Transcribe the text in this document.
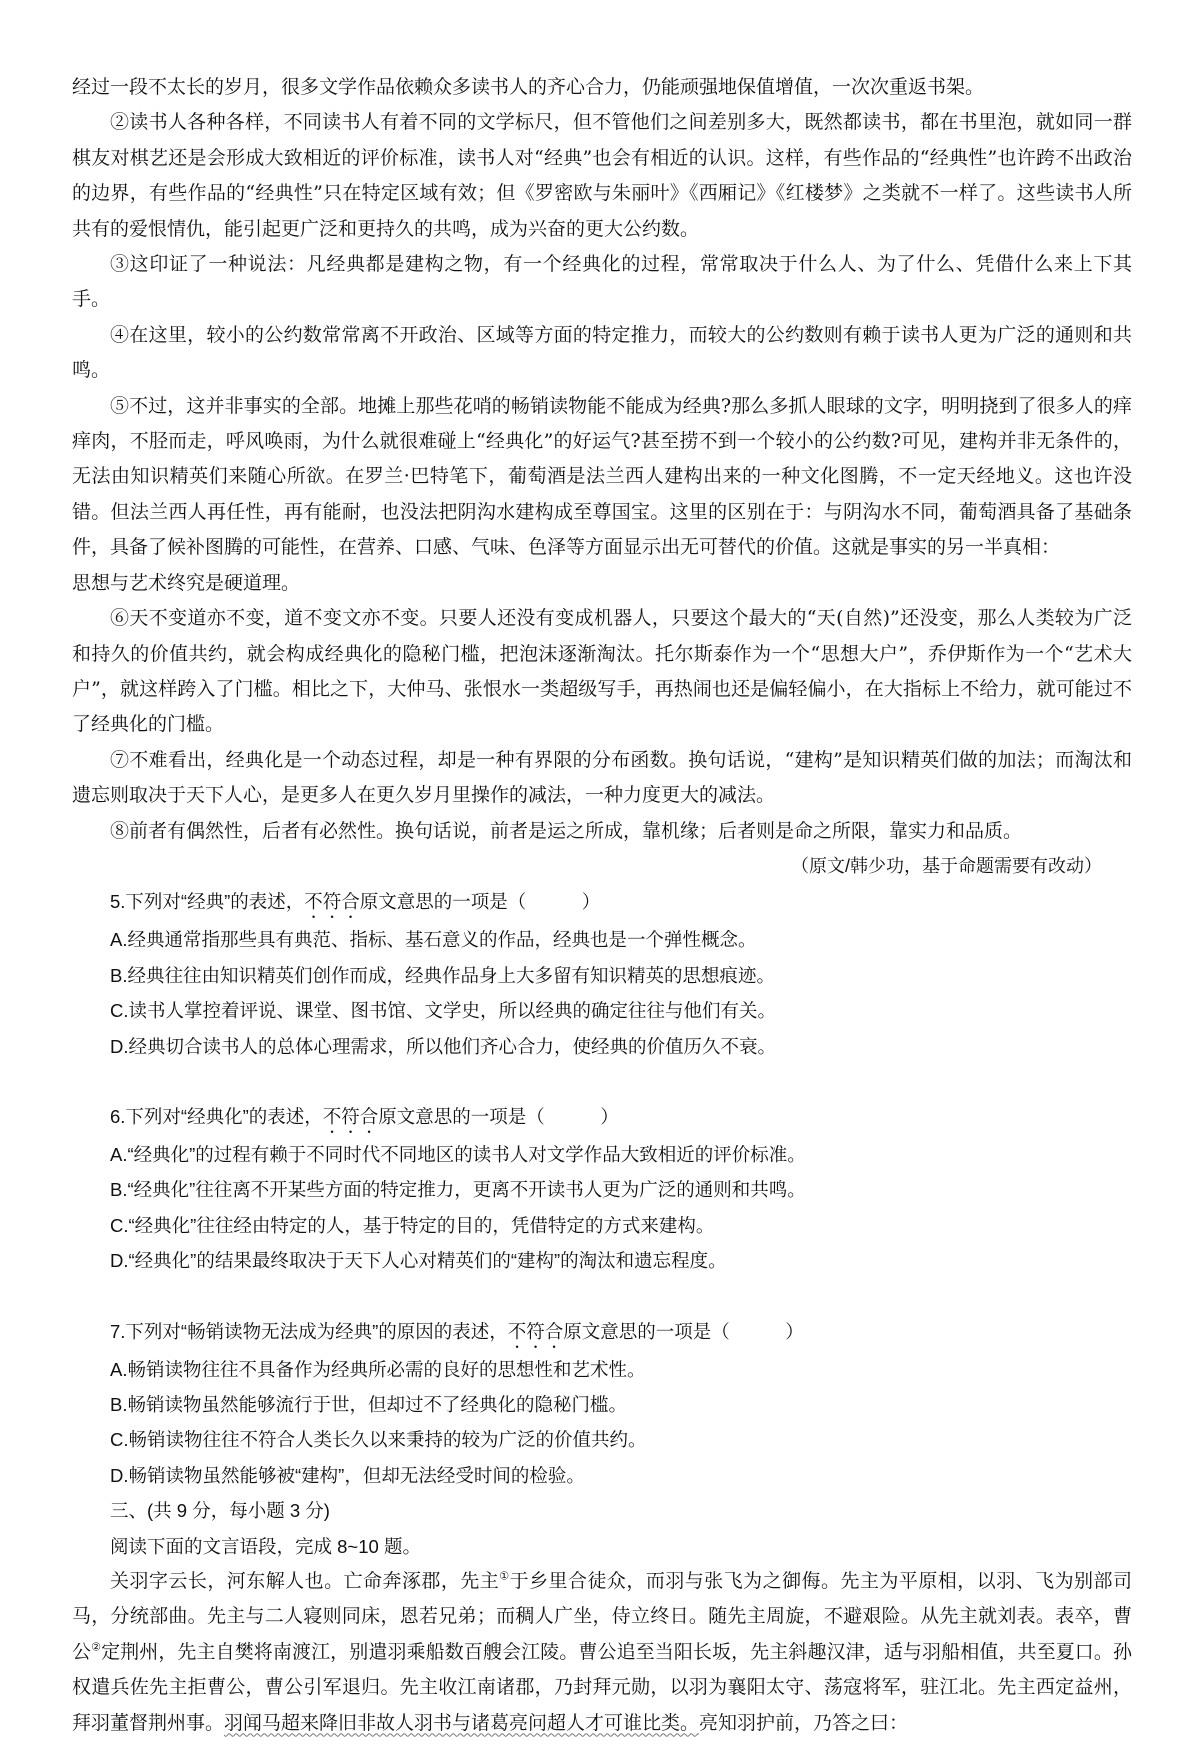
经过一段不太长的岁月，很多文学作品依赖众多读书人的齐心合力，仍能顽强地保值增值，一次次重返书架。

②读书人各种各样，不同读书人有着不同的文学标尺，但不管他们之间差别多大，既然都读书，都在书里泡，就如同一群棋友对棋艺还是会形成大致相近的评价标准，读书人对“经典”也会有相近的认识。这样，有些作品的“经典性”也许跨不出政治的边界，有些作品的“经典性”只在特定区域有效；但《罗密欧与朱丽叶》《西厢记》《红楼梦》之类就不一样了。这些读书人所共有的爱恨情仇，能引起更广泛和更持久的共鸣，成为兴奋的更大公约数。

③这印证了一种说法：凡经典都是建构之物，有一个经典化的过程，常常取决于什么人、为了什么、凭借什么来上下其手。

④在这里，较小的公约数常常离不开政治、区域等方面的特定推力，而较大的公约数则有赖于读书人更为广泛的通则和共鸣。

⑤不过，这并非事实的全部。地摊上那些花哨的畅销读物能不能成为经典?那么多抓人眼球的文字，明明挠到了很多人的痒痒肉，不胫而走，呼风唤雨，为什么就很难碰上“经典化”的好运气?甚至捞不到一个较小的公约数?可见，建构并非无条件的，无法由知识精英们来随心所欲。在罗兰·巴特笔下，葡萄酒是法兰西人建构出来的一种文化图腾，不一定天经地义。这也许没错。但法兰西人再任性，再有能耐，也没法把阴沟水建构成至尊国宝。这里的区别在于：与阴沟水不同，葡萄酒具备了基础条件，具备了候补图腾的可能性，在营养、口感、气味、色泽等方面显示出无可替代的价值。这就是事实的另一半真相：

思想与艺术终究是硬道理。

⑥天不变道亦不变，道不变文亦不变。只要人还没有变成机器人，只要这个最大的“天(自然)”还没变，那么人类较为广泛和持久的价值共约，就会构成经典化的隐秘门槛，把泡沫逐渐淘汰。托尔斯泰作为一个“思想大户”，乔伊斯作为一个“艺术大户”，就这样跨入了门槛。相比之下，大仲马、张恨水一类超级写手，再热闹也还是偏轻偏小，在大指标上不给力，就可能过不了经典化的门槛。

⑦不难看出，经典化是一个动态过程，却是一种有界限的分布函数。换句话说，“建构”是知识精英们做的加法；而淘汰和遗忘则取决于天下人心，是更多人在更久岁月里操作的减法，一种力度更大的减法。

⑧前者有偶然性，后者有必然性。换句话说，前者是运之所成，靠机缘；后者则是命之所限，靠实力和品质。

（原文/韩少功，基于命题需要有改动）

5.下列对“经典”的表述，不符合原文意思的一项是（　　　）

A.经典通常指那些具有典范、指标、基石意义的作品，经典也是一个弹性概念。

B.经典往往由知识精英们创作而成，经典作品身上大多留有知识精英的思想痕迹。

C.读书人掌控着评说、课堂、图书馆、文学史，所以经典的确定往往与他们有关。

D.经典切合读书人的总体心理需求，所以他们齐心合力，使经典的价值历久不衰。

6.下列对“经典化”的表述，不符合原文意思的一项是（　　　）

A.“经典化”的过程有赖于不同时代不同地区的读书人对文学作品大致相近的评价标准。

B.“经典化”往往离不开某些方面的特定推力，更离不开读书人更为广泛的通则和共鸣。

C.“经典化”往往经由特定的人，基于特定的目的，凭借特定的方式来建构。

D.“经典化”的结果最终取决于天下人心对精英们的“建构”的淘汰和遗忘程度。

7.下列对“畅销读物无法成为经典”的原因的表述，不符合原文意思的一项是（　　　）

A.畅销读物往往不具备作为经典所必需的良好的思想性和艺术性。

B.畅销读物虽然能够流行于世，但却过不了经典化的隐秘门槛。

C.畅销读物往往不符合人类长久以来秉持的较为广泛的价值共约。

D.畅销读物虽然能够被“建构”，但却无法经受时间的检验。

三、(共 9 分，每小题 3 分)

阅读下面的文言语段，完成 8~10 题。

关羽字云长，河东解人也。亡命奔涿郡，先主①于乡里合徒众，而羽与张飞为之御侮。先主为平原相，以羽、飞为别部司马，分统部曲。先主与二人寝则同床，恩若兄弟；而稠人广坐，侍立终日。随先主周旋，不避艰险。从先主就刘表。表卒，曹公②定荆州，先主自樊将南渡江，别遣羽乘船数百艘会江陵。曹公追至当阳长坂，先主斜趣汉津，适与羽船相值，共至夏口。孙权遣兵佐先主拒曹公，曹公引军退归。先主收江南诸郡，乃封拜元勋，以羽为襄阳太守、荡寇将军，驻江北。先主西定益州，拜羽董督荆州事。羽闻马超来降旧非故人羽书与诸葛亮问超人才可谁比类。亮知羽护前，乃答之曰：
